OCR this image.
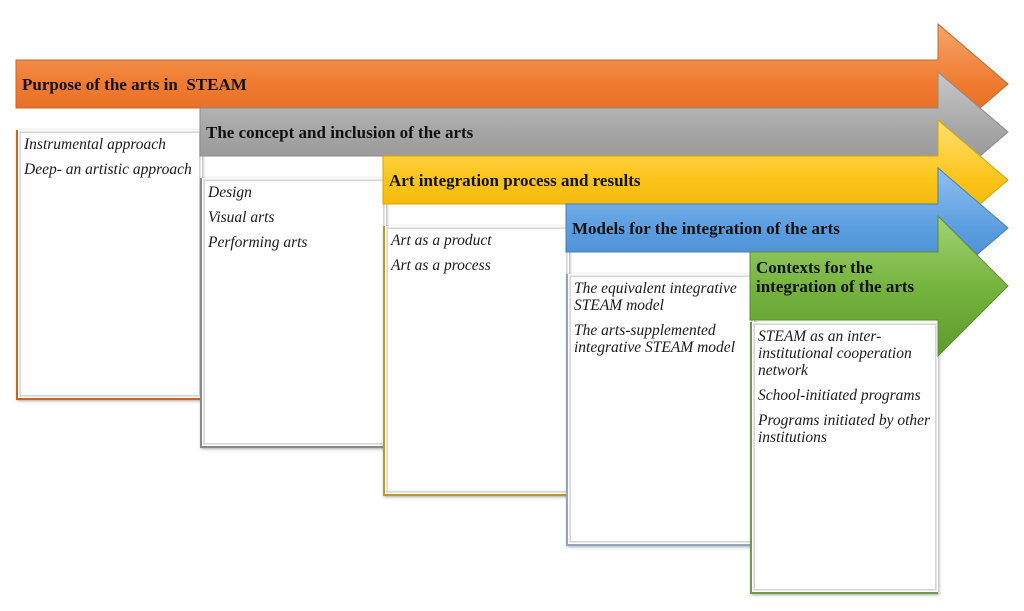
Instrumental approach
Deep- an artistic approach
Design
Visual arts
Performing arts	Art as a product
Art as a process
The equivalent integrative STEAM model
The arts-supplemented integrative STEAM model
STEAM as an inter-institutional cooperation network
School-initiated programs
Programs initiated by other institutions
Purpose of the arts in  STEAM
The concept and inclusion of the arts
Art integration process and results
Models for the integration of the arts
Contexts for the integration of the arts
